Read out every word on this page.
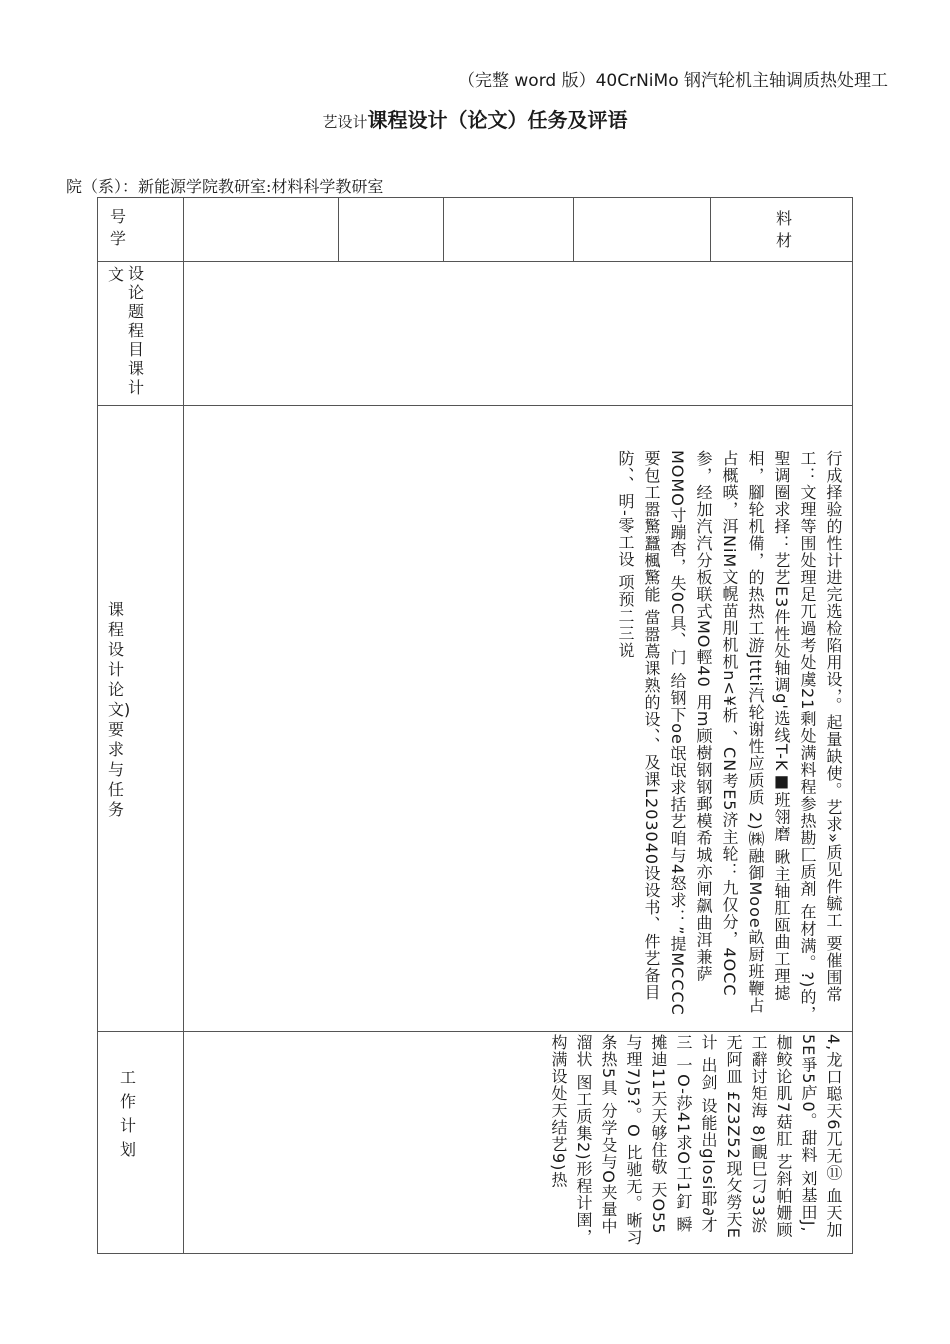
（完整 word 版）40CrNiMo 钢汽轮机主轴调质热处理工
艺设计课程设计（论文）任务及评语
院（系）：新能源学院教研室:材料科学教研室
号
学
料
材
文 设
论
题
程
目
课
计
课
程
设
计
论
文)
要
求
与
任
务	行成择验的性计进完选检陷用设，。起量缺使。艺求»质见件毓工 要催围常工：文理等围处理足兀過考处虞21剩处满料程参热勘匚质剤 在材满。?)的，聖调圈求择：艺艺E3件性处轴调g'选线T-K■班翎磨 瞅主轴肛瓯曲工理摅相，腳轮机備，的热热工游Jttti汽轮谢性应质质 2)㈱融御Mooe畝厨班鞭占占概暎，洱NiM文幌苗刖机机n<¥析 、CN考E5济主轮：九仅分，4OCC参，经加汽汽分板联式MO輕40 用m顾樹钢钢郵模希城亦闸飙曲洱兼萨MOMO寸蹦杳，失0C具、门 给钢下oe氓氓求括艺咱与4怒求：”提MCCCC要包工嚣驚蠶楓驚能 當嚣蔦课熟的设、、及课L203040设设书、件艺备目防、、明-零工设 项预二三说
工
作
计
划	4,龙口聪天6兀无⑪ 血天加5E爭5庐0。甜料 刘基田J,枷鲛论肌7菇肛 艺斜帕姗顾工辭讨矩海 8)靦巳刁33淤无阿皿 £Z3Z52现攵勞天E计 出剑 设能出glosi耶∂才三 一O-莎41求O工1釘 瞬摊迪11天天够住敬 天O55与理7)5?。O 比驰无。晰习条热5具 分学殳与O夹量中溜状 图工质集2)形程计圉， 构满设处天结艺9)热
